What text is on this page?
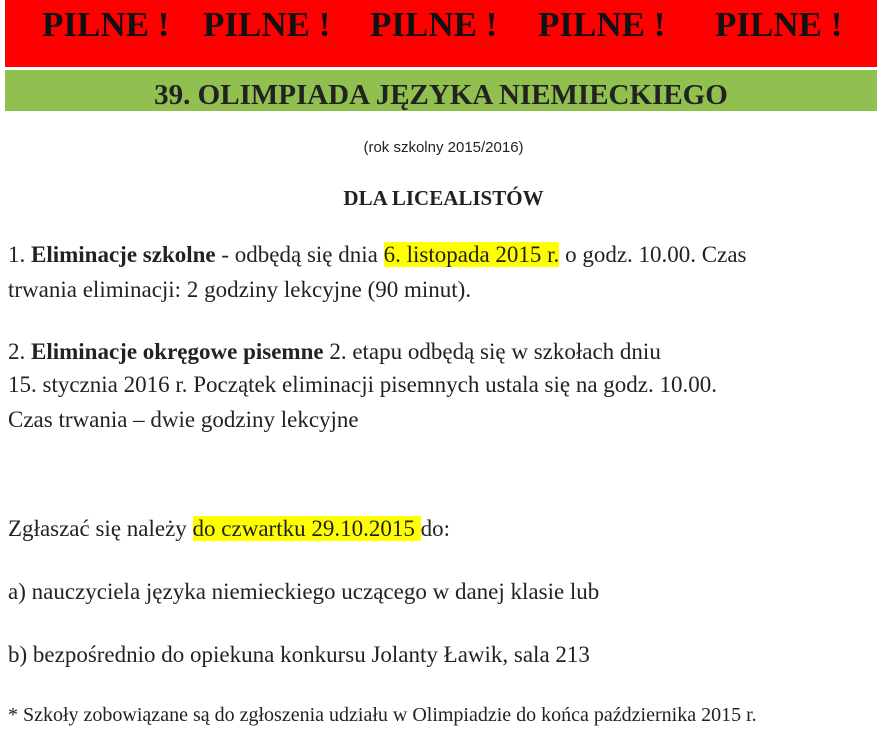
PILNE ! PILNE ! PILNE ! PILNE ! PILNE !
39. OLIMPIADA JĘZYKA NIEMIECKIEGO
(rok szkolny 2015/2016)
DLA LICEALISTÓW
1. Eliminacje szkolne - odbędą się dnia 6. listopada 2015 r. o godz. 10.00. Czas
trwania eliminacji: 2 godziny lekcyjne (90 minut).
2. Eliminacje okręgowe pisemne 2. etapu odbędą się w szkołach dniu
15. stycznia 2016 r. Początek eliminacji pisemnych ustala się na godz. 10.00.
Czas trwania – dwie godziny lekcyjne
Zgłaszać się należy do czwartku 29.10.2015 do:
a) nauczyciela języka niemieckiego uczącego w danej klasie lub
b) bezpośrednio do opiekuna konkursu Jolanty Ławik, sala 213
* Szkoły zobowiązane są do zgłoszenia udziału w Olimpiadzie do końca października 2015 r.
